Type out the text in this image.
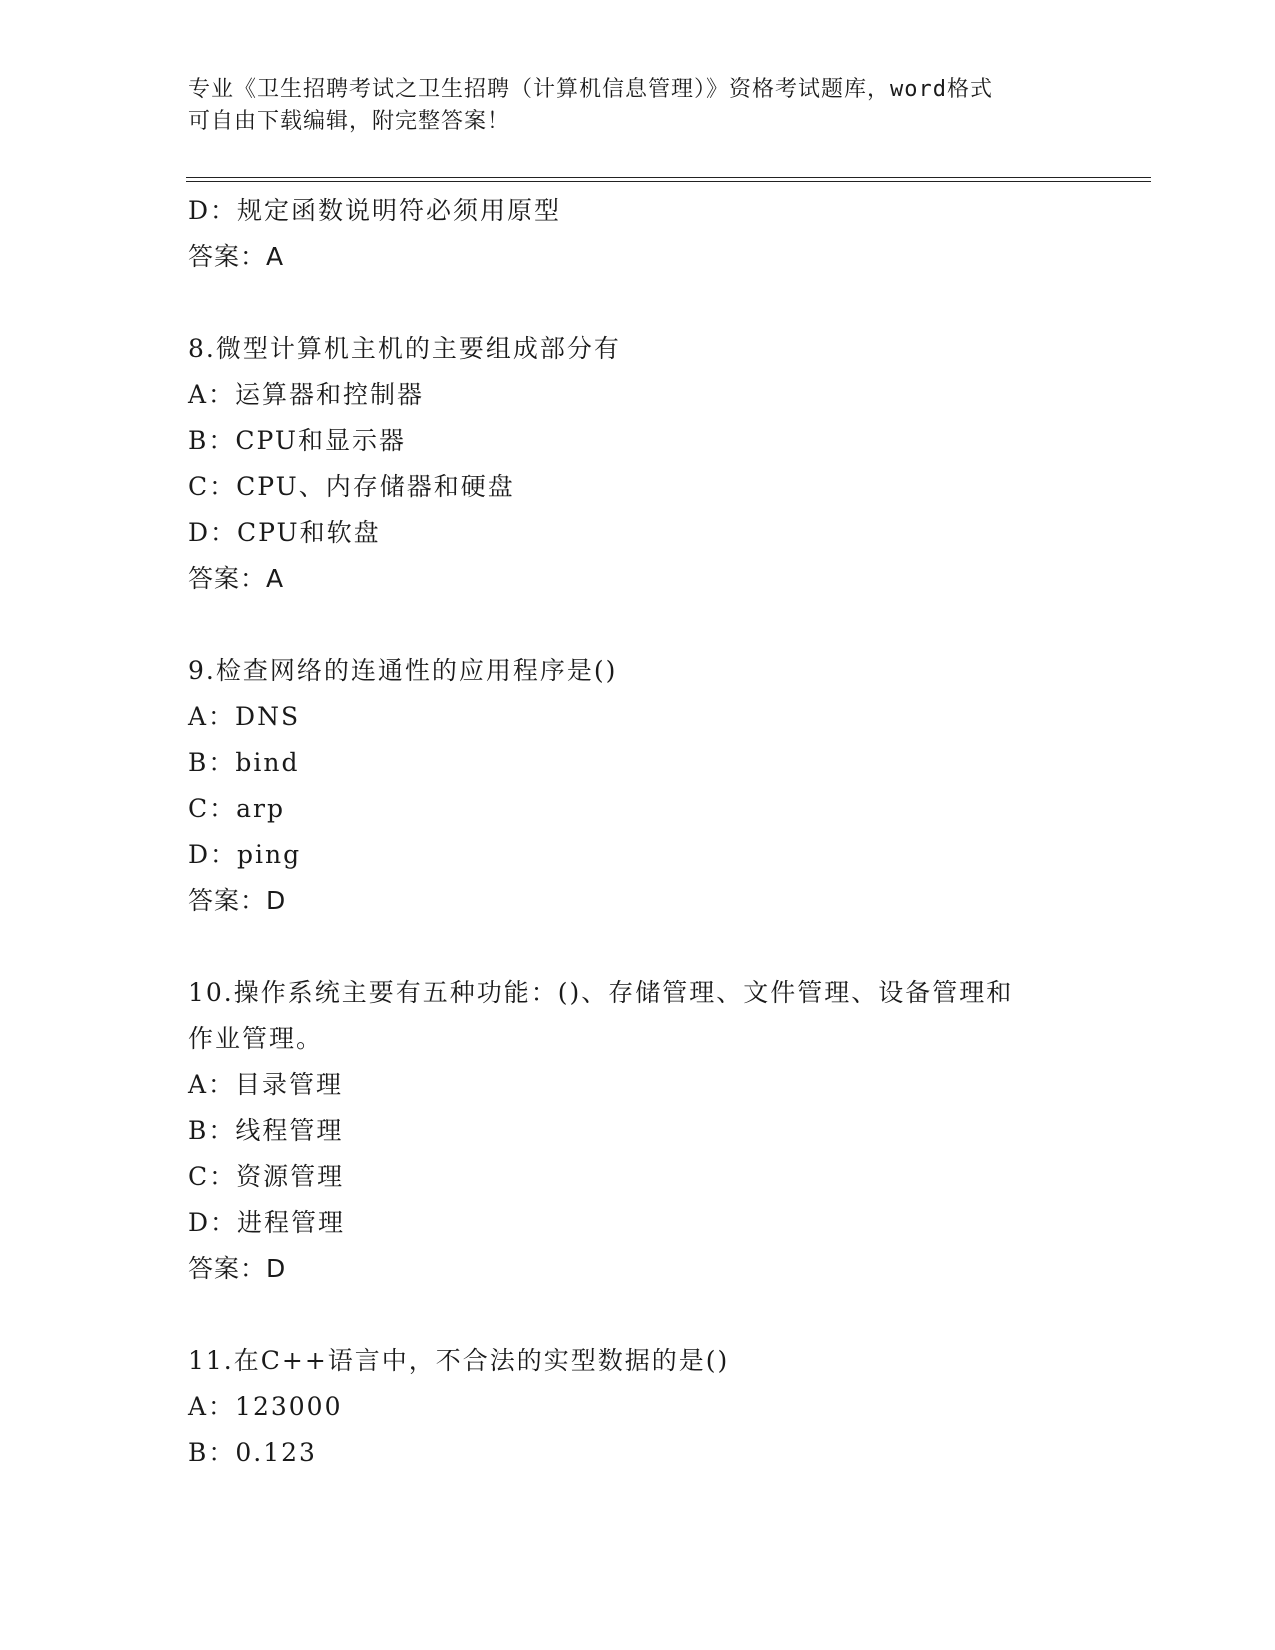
专业《卫生招聘考试之卫生招聘（计算机信息管理）》资格考试题库，word格式
可自由下载编辑，附完整答案！
D：规定函数说明符必须用原型
答案：A
8.微型计算机主机的主要组成部分有
A：运算器和控制器
B：CPU和显示器
C：CPU、内存储器和硬盘
D：CPU和软盘
答案：A
9.检查网络的连通性的应用程序是()
A：DNS
B：bind
C：arp
D：ping
答案：D
10.操作系统主要有五种功能：()、存储管理、文件管理、设备管理和
作业管理。
A：目录管理
B：线程管理
C：资源管理
D：进程管理
答案：D
11.在C++语言中，不合法的实型数据的是()
A：123000
B：0.123
